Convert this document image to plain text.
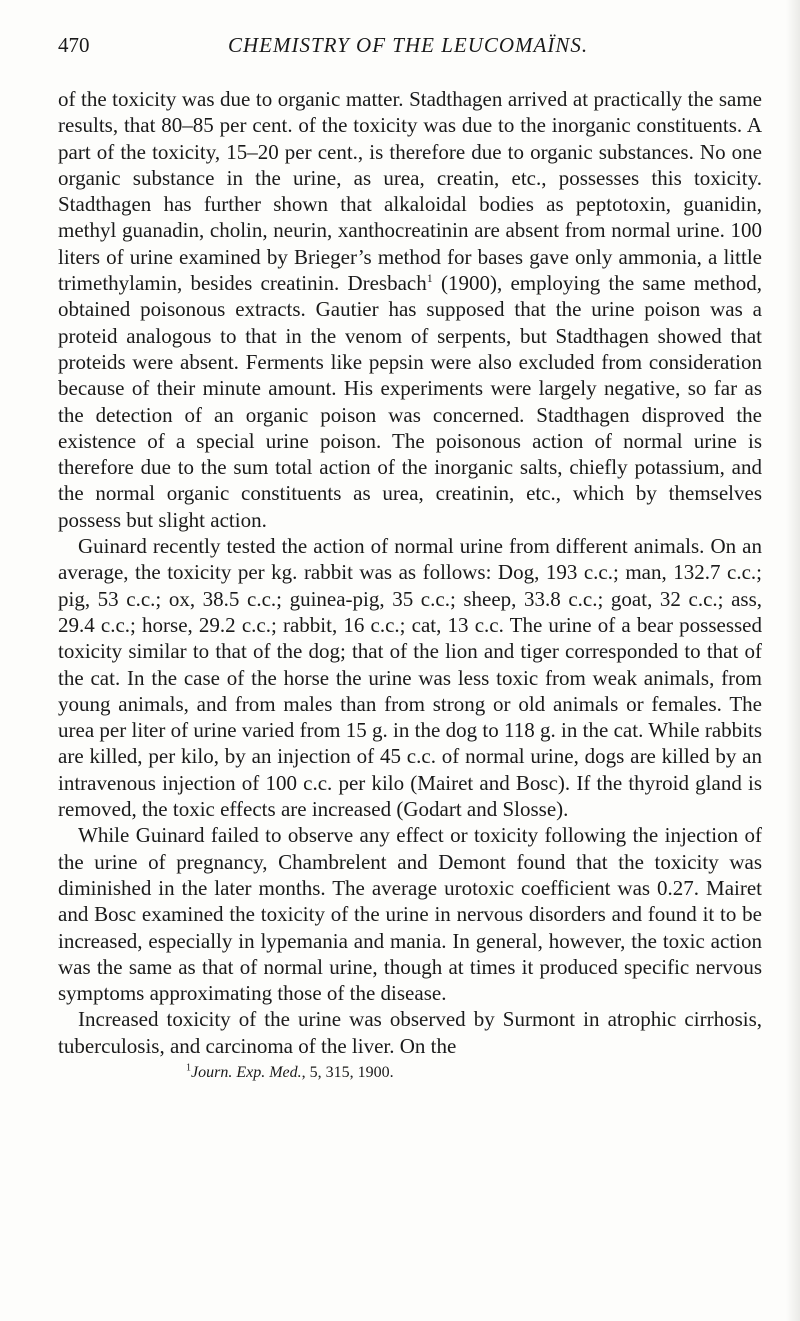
470	CHEMISTRY OF THE LEUCOMAÏNS.

of the toxicity was due to organic matter. Stadthagen arrived at practically the same results, that 80–85 per cent. of the toxicity was due to the inorganic constituents. A part of the toxicity, 15–20 per cent., is therefore due to organic substances. No one organic substance in the urine, as urea, creatin, etc., possesses this toxicity. Stadthagen has further shown that alkaloidal bodies as peptotoxin, guanidin, methyl guanadin, cholin, neurin, xanthocreatinin are absent from normal urine. 100 liters of urine examined by Brieger’s method for bases gave only ammonia, a little trimethylamin, besides creatinin. Dresbach$^1$ (1900), employing the same method, obtained poisonous extracts. Gautier has supposed that the urine poison was a proteid analogous to that in the venom of serpents, but Stadthagen showed that proteids were absent. Ferments like pepsin were also excluded from consideration because of their minute amount. His experiments were largely negative, so far as the detection of an organic poison was concerned. Stadthagen disproved the existence of a special urine poison. The poisonous action of normal urine is therefore due to the sum total action of the inorganic salts, chiefly potassium, and the normal organic constituents as urea, creatinin, etc., which by themselves possess but slight action.

Guinard recently tested the action of normal urine from different animals. On an average, the toxicity per kg. rabbit was as follows: Dog, 193 c.c.; man, 132.7 c.c.; pig, 53 c.c.; ox, 38.5 c.c.; guinea-pig, 35 c.c.; sheep, 33.8 c.c.; goat, 32 c.c.; ass, 29.4 c.c.; horse, 29.2 c.c.; rabbit, 16 c.c.; cat, 13 c.c. The urine of a bear possessed toxicity similar to that of the dog; that of the lion and tiger corresponded to that of the cat. In the case of the horse the urine was less toxic from weak animals, from young animals, and from males than from strong or old animals or females. The urea per liter of urine varied from 15 g. in the dog to 118 g. in the cat. While rabbits are killed, per kilo, by an injection of 45 c.c. of normal urine, dogs are killed by an intravenous injection of 100 c.c. per kilo (Mairet and Bosc). If the thyroid gland is removed, the toxic effects are increased (Godart and Slosse).

While Guinard failed to observe any effect or toxicity following the injection of the urine of pregnancy, Chambrelent and Demont found that the toxicity was diminished in the later months. The average urotoxic coefficient was 0.27. Mairet and Bosc examined the toxicity of the urine in nervous disorders and found it to be increased, especially in lypemania and mania. In general, however, the toxic action was the same as that of normal urine, though at times it produced specific nervous symptoms approximating those of the disease.

Increased toxicity of the urine was observed by Surmont in atrophic cirrhosis, tuberculosis, and carcinoma of the liver. On the

$^1$Journ. Exp. Med., 5, 315, 1900.
